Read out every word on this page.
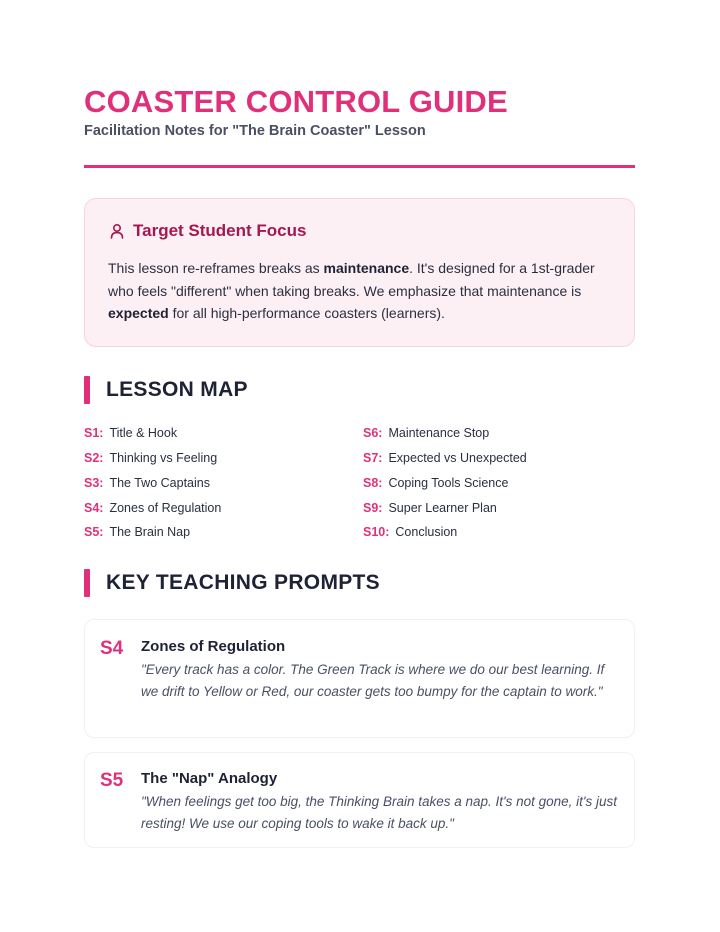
COASTER CONTROL GUIDE
Facilitation Notes for "The Brain Coaster" Lesson
Target Student Focus

This lesson re-reframes breaks as maintenance. It's designed for a 1st-grader who feels "different" when taking breaks. We emphasize that maintenance is expected for all high-performance coasters (learners).

LESSON MAP
S1: Title & Hook
S2: Thinking vs Feeling
S3: The Two Captains
S4: Zones of Regulation
S5: The Brain Nap
S6: Maintenance Stop
S7: Expected vs Unexpected
S8: Coping Tools Science
S9: Super Learner Plan
S10: Conclusion
KEY TEACHING PROMPTS
S4 Zones of Regulation
"Every track has a color. The Green Track is where we do our best learning. If we drift to Yellow or Red, our coaster gets too bumpy for the captain to work."
S5 The "Nap" Analogy
"When feelings get too big, the Thinking Brain takes a nap. It's not gone, it's just resting! We use our coping tools to wake it back up."
